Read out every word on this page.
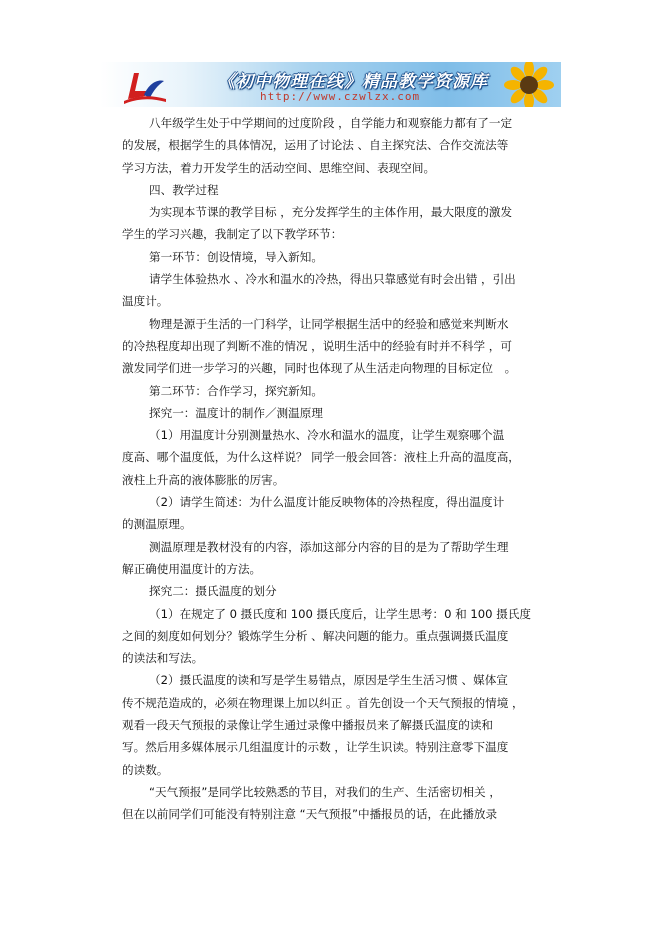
《初中物理在线》精品教学资源库
http://www.czwlzx.com

八年级学生处于中学期间的过度阶段 ，自学能力和观察能力都有了一定

的发展，根据学生的具体情况，运用了讨论法 、自主探究法、合作交流法等

学习方法，着力开发学生的活动空间、思维空间、表现空间。

四、教学过程

为实现本节课的教学目标 ，充分发挥学生的主体作用，最大限度的激发

学生的学习兴趣，我制定了以下教学环节：

第一环节：创设情境，导入新知。

请学生体验热水 、冷水和温水的冷热，得出只靠感觉有时会出错 ，引出

温度计。

物理是源于生活的一门科学，让同学根据生活中的经验和感觉来判断水

的冷热程度却出现了判断不准的情况 ，说明生活中的经验有时并不科学 ，可

激发同学们进一步学习的兴趣，同时也体现了从生活走向物理的目标定位　。

第二环节：合作学习，探究新知。

探究一：温度计的制作／测温原理

（1）用温度计分别测量热水、冷水和温水的温度，让学生观察哪个温

度高、哪个温度低，为什么这样说？ 同学一般会回答：液柱上升高的温度高，

液柱上升高的液体膨胀的厉害。

（2）请学生简述：为什么温度计能反映物体的冷热程度，得出温度计

的测温原理。

测温原理是教材没有的内容，添加这部分内容的目的是为了帮助学生理

解正确使用温度计的方法。

探究二：摄氏温度的划分

（1）在规定了 0 摄氏度和 100 摄氏度后，让学生思考：0 和 100 摄氏度

之间的刻度如何划分？锻炼学生分析 、解决问题的能力。重点强调摄氏温度

的读法和写法。

（2）摄氏温度的读和写是学生易错点，原因是学生生活习惯 、媒体宣

传不规范造成的，必须在物理课上加以纠正 。首先创设一个天气预报的情境 ，

观看一段天气预报的录像让学生通过录像中播报员来了解摄氏温度的读和

写。然后用多媒体展示几组温度计的示数 ，让学生识读。特别注意零下温度

的读数。

“天气预报”是同学比较熟悉的节目，对我们的生产、生活密切相关 ，

但在以前同学们可能没有特别注意 “天气预报”中播报员的话，在此播放录
